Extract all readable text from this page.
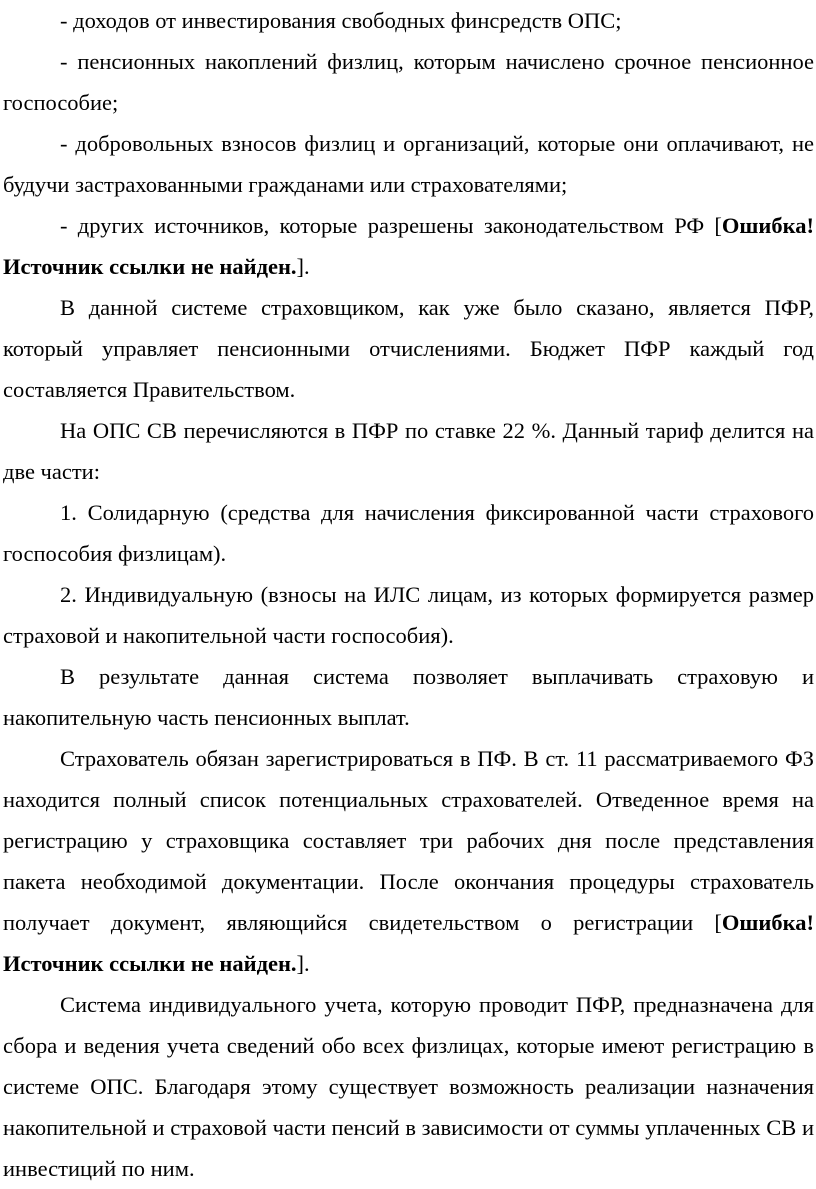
- доходов от инвестирования свободных финсредств ОПС;

- пенсионных накоплений физлиц, которым начислено срочное пенсионное госпособие;

- добровольных взносов физлиц и организаций, которые они оплачивают, не будучи застрахованными гражданами или страхователями;

- других источников, которые разрешены законодательством РФ [Ошибка! Источник ссылки не найден.].

В данной системе страховщиком, как уже было сказано, является ПФР, который управляет пенсионными отчислениями. Бюджет ПФР каждый год составляется Правительством.

На ОПС СВ перечисляются в ПФР по ставке 22 %. Данный тариф делится на две части:

1. Солидарную (средства для начисления фиксированной части страхового госпособия физлицам).

2. Индивидуальную (взносы на ИЛС лицам, из которых формируется размер страховой и накопительной части госпособия).

В результате данная система позволяет выплачивать страховую и накопительную часть пенсионных выплат.

Страхователь обязан зарегистрироваться в ПФ. В ст. 11 рассматриваемого ФЗ находится полный список потенциальных страхователей. Отведенное время на регистрацию у страховщика составляет три рабочих дня после представления пакета необходимой документации. После окончания процедуры страхователь получает документ, являющийся свидетельством о регистрации [Ошибка! Источник ссылки не найден.].

Система индивидуального учета, которую проводит ПФР, предназначена для сбора и ведения учета сведений обо всех физлицах, которые имеют регистрацию в системе ОПС. Благодаря этому существует возможность реализации назначения накопительной и страховой части пенсий в зависимости от суммы уплаченных СВ и инвестиций по ним.
